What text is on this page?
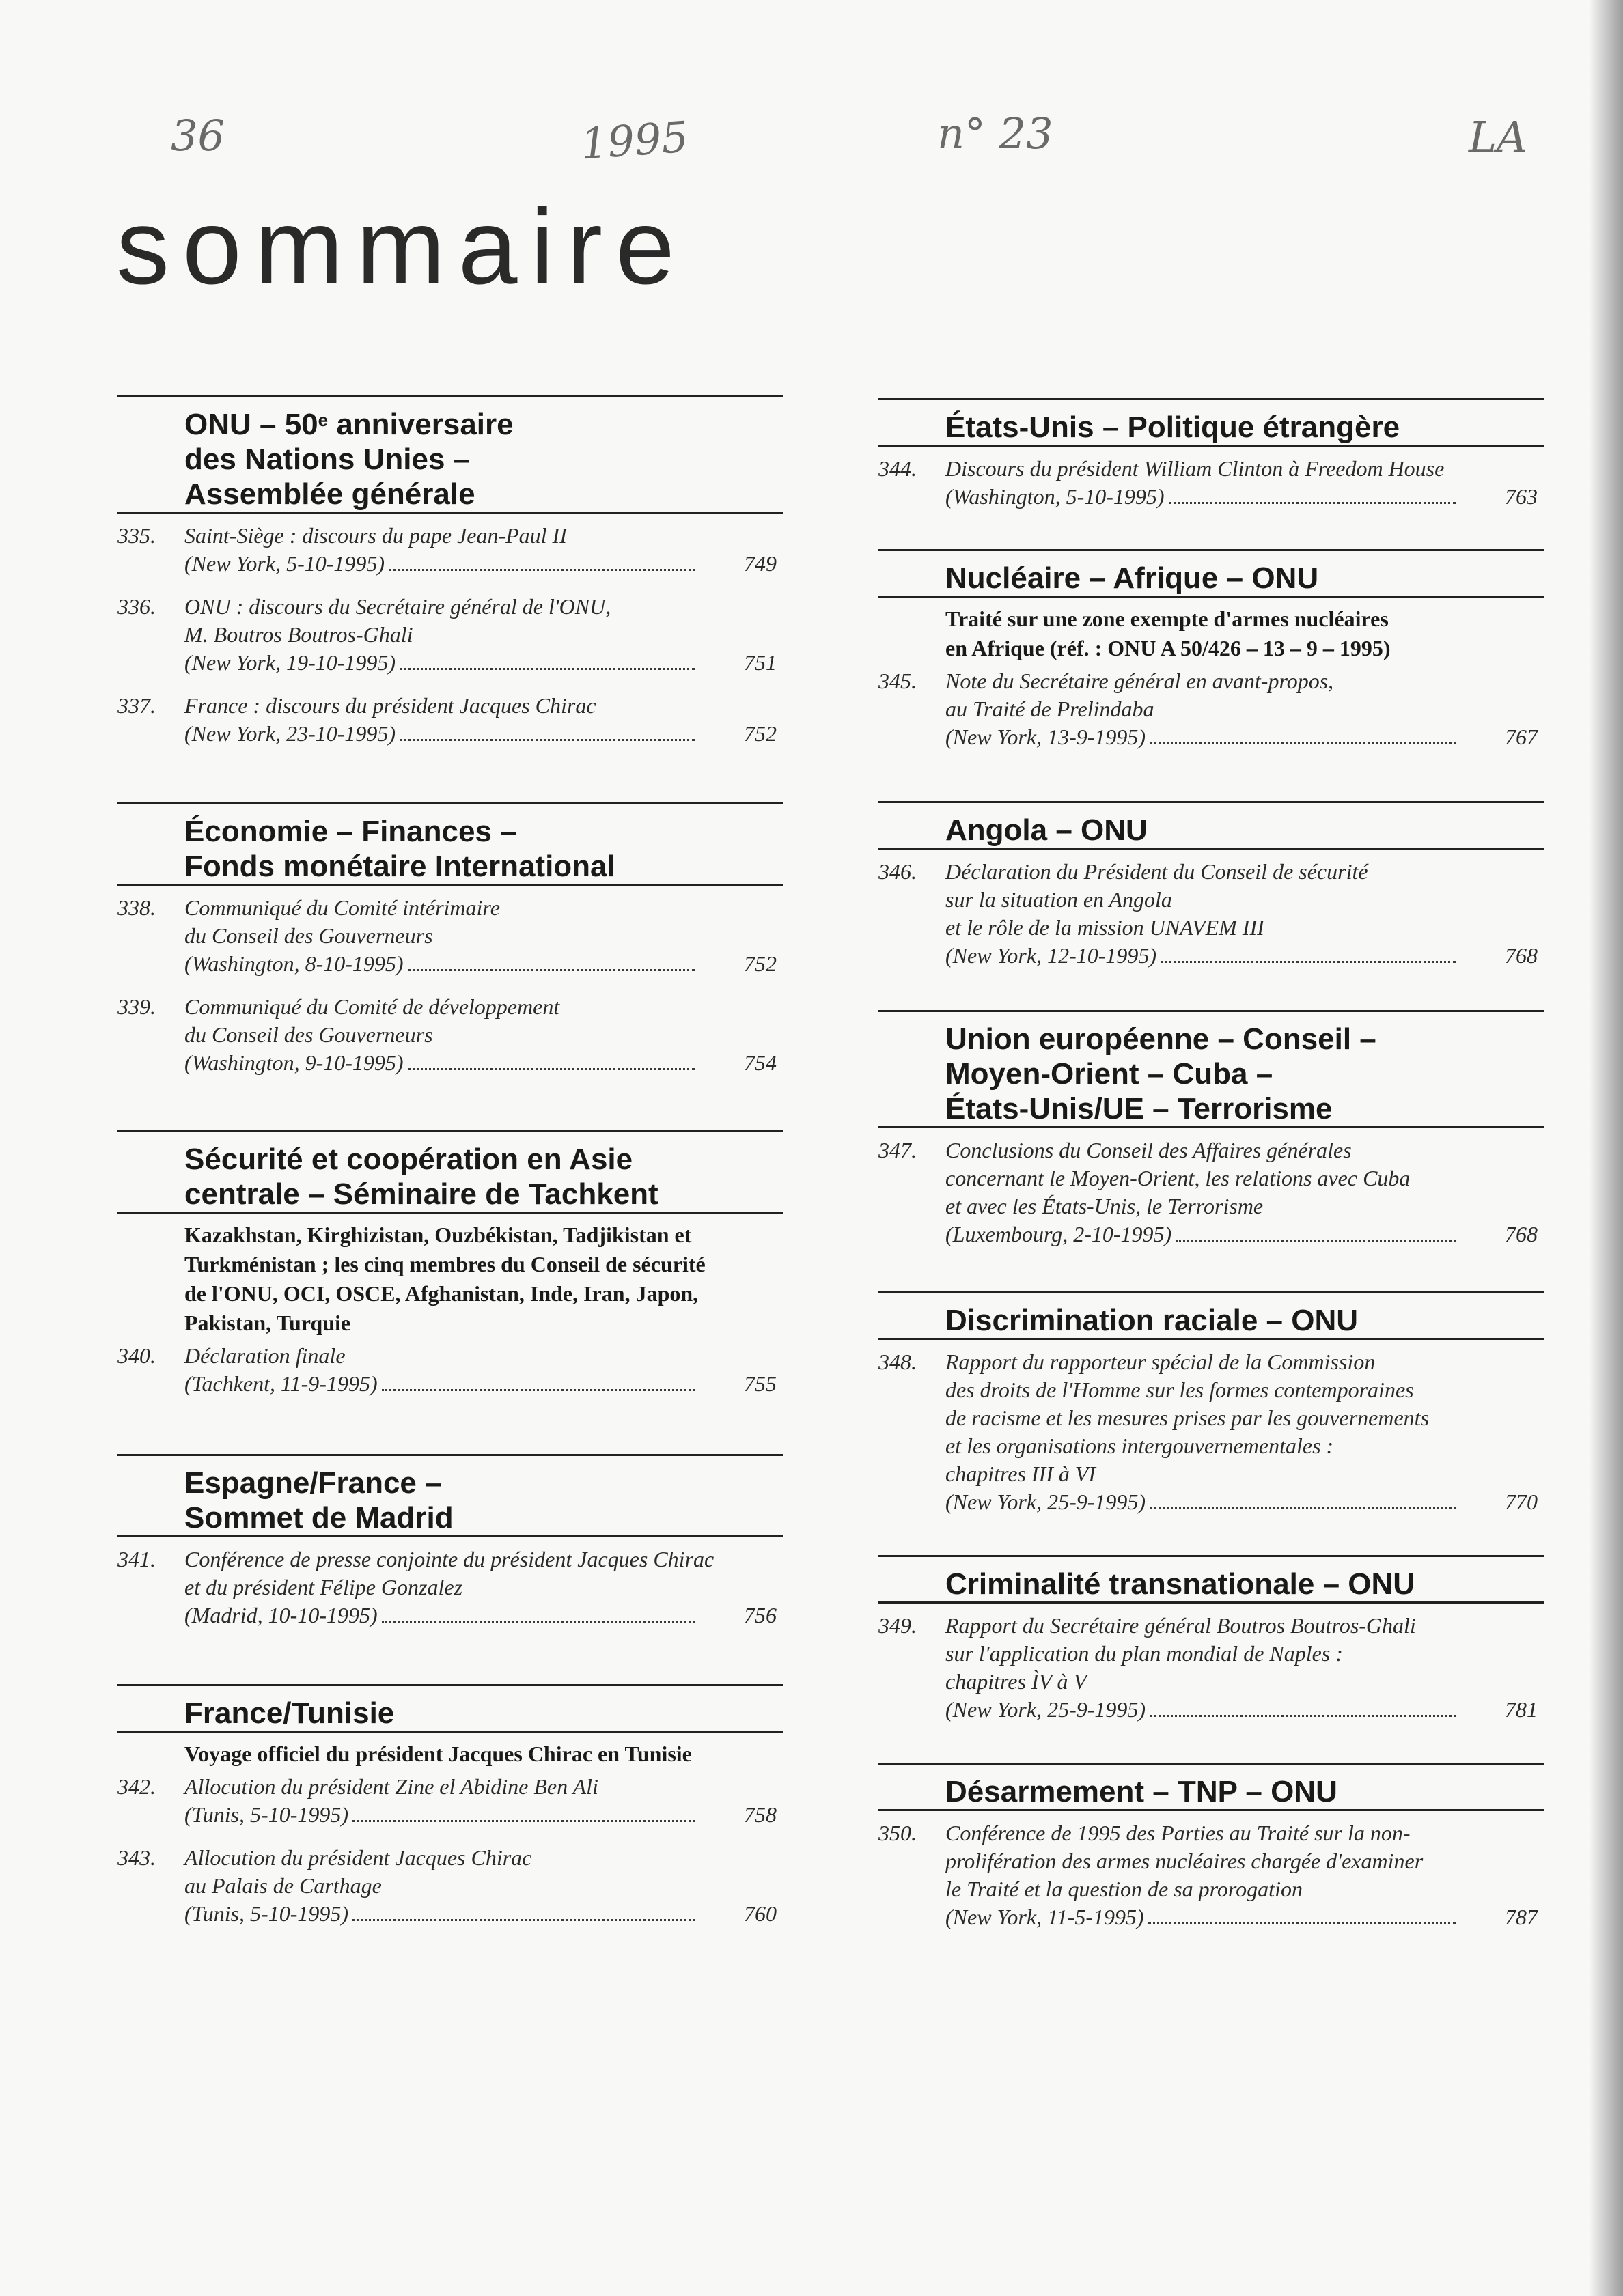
36	1995	n° 23	LA
sommaire
ONU – 50e anniversaire
des Nations Unies –
Assemblée générale
335.	Saint-Siège : discours du pape Jean-Paul II
(New York, 5-10-1995)	749
336.	ONU : discours du Secrétaire général de l'ONU,
M. Boutros Boutros-Ghali
(New York, 19-10-1995)	751
337.	France : discours du président Jacques Chirac
(New York, 23-10-1995)	752
Économie – Finances –
Fonds monétaire International
338.	Communiqué du Comité intérimaire
du Conseil des Gouverneurs
(Washington, 8-10-1995)	752
339.	Communiqué du Comité de développement
du Conseil des Gouverneurs
(Washington, 9-10-1995)	754
Sécurité et coopération en Asie
centrale – Séminaire de Tachkent
Kazakhstan, Kirghizistan, Ouzbékistan, Tadjikistan et
Turkménistan ; les cinq membres du Conseil de sécurité
de l'ONU, OCI, OSCE, Afghanistan, Inde, Iran, Japon,
Pakistan, Turquie
340.	Déclaration finale
(Tachkent, 11-9-1995)	755
Espagne/France –
Sommet de Madrid
341.	Conférence de presse conjointe du président Jacques Chirac
et du président Félipe Gonzalez
(Madrid, 10-10-1995)	756
France/Tunisie
Voyage officiel du président Jacques Chirac en Tunisie
342.	Allocution du président Zine el Abidine Ben Ali
(Tunis, 5-10-1995)	758
343.	Allocution du président Jacques Chirac
au Palais de Carthage
(Tunis, 5-10-1995)	760
États-Unis – Politique étrangère
344.	Discours du président William Clinton à Freedom House
(Washington, 5-10-1995)	763
Nucléaire – Afrique – ONU
Traité sur une zone exempte d'armes nucléaires
en Afrique (réf. : ONU A 50/426 – 13 – 9 – 1995)
345.	Note du Secrétaire général en avant-propos,
au Traité de Prelindaba
(New York, 13-9-1995)	767
Angola – ONU
346.	Déclaration du Président du Conseil de sécurité
sur la situation en Angola
et le rôle de la mission UNAVEM III
(New York, 12-10-1995)	768
Union européenne – Conseil –
Moyen-Orient – Cuba –
États-Unis/UE – Terrorisme
347.	Conclusions du Conseil des Affaires générales
concernant le Moyen-Orient, les relations avec Cuba
et avec les États-Unis, le Terrorisme
(Luxembourg, 2-10-1995)	768
Discrimination raciale – ONU
348.	Rapport du rapporteur spécial de la Commission
des droits de l'Homme sur les formes contemporaines
de racisme et les mesures prises par les gouvernements
et les organisations intergouvernementales :
chapitres III à VI
(New York, 25-9-1995)	770
Criminalité transnationale – ONU
349.	Rapport du Secrétaire général Boutros Boutros-Ghali
sur l'application du plan mondial de Naples :
chapitres ÌV à V
(New York, 25-9-1995)	781
Désarmement – TNP – ONU
350.	Conférence de 1995 des Parties au Traité sur la non-
prolifération des armes nucléaires chargée d'examiner
le Traité et la question de sa prorogation
(New York, 11-5-1995)	787
